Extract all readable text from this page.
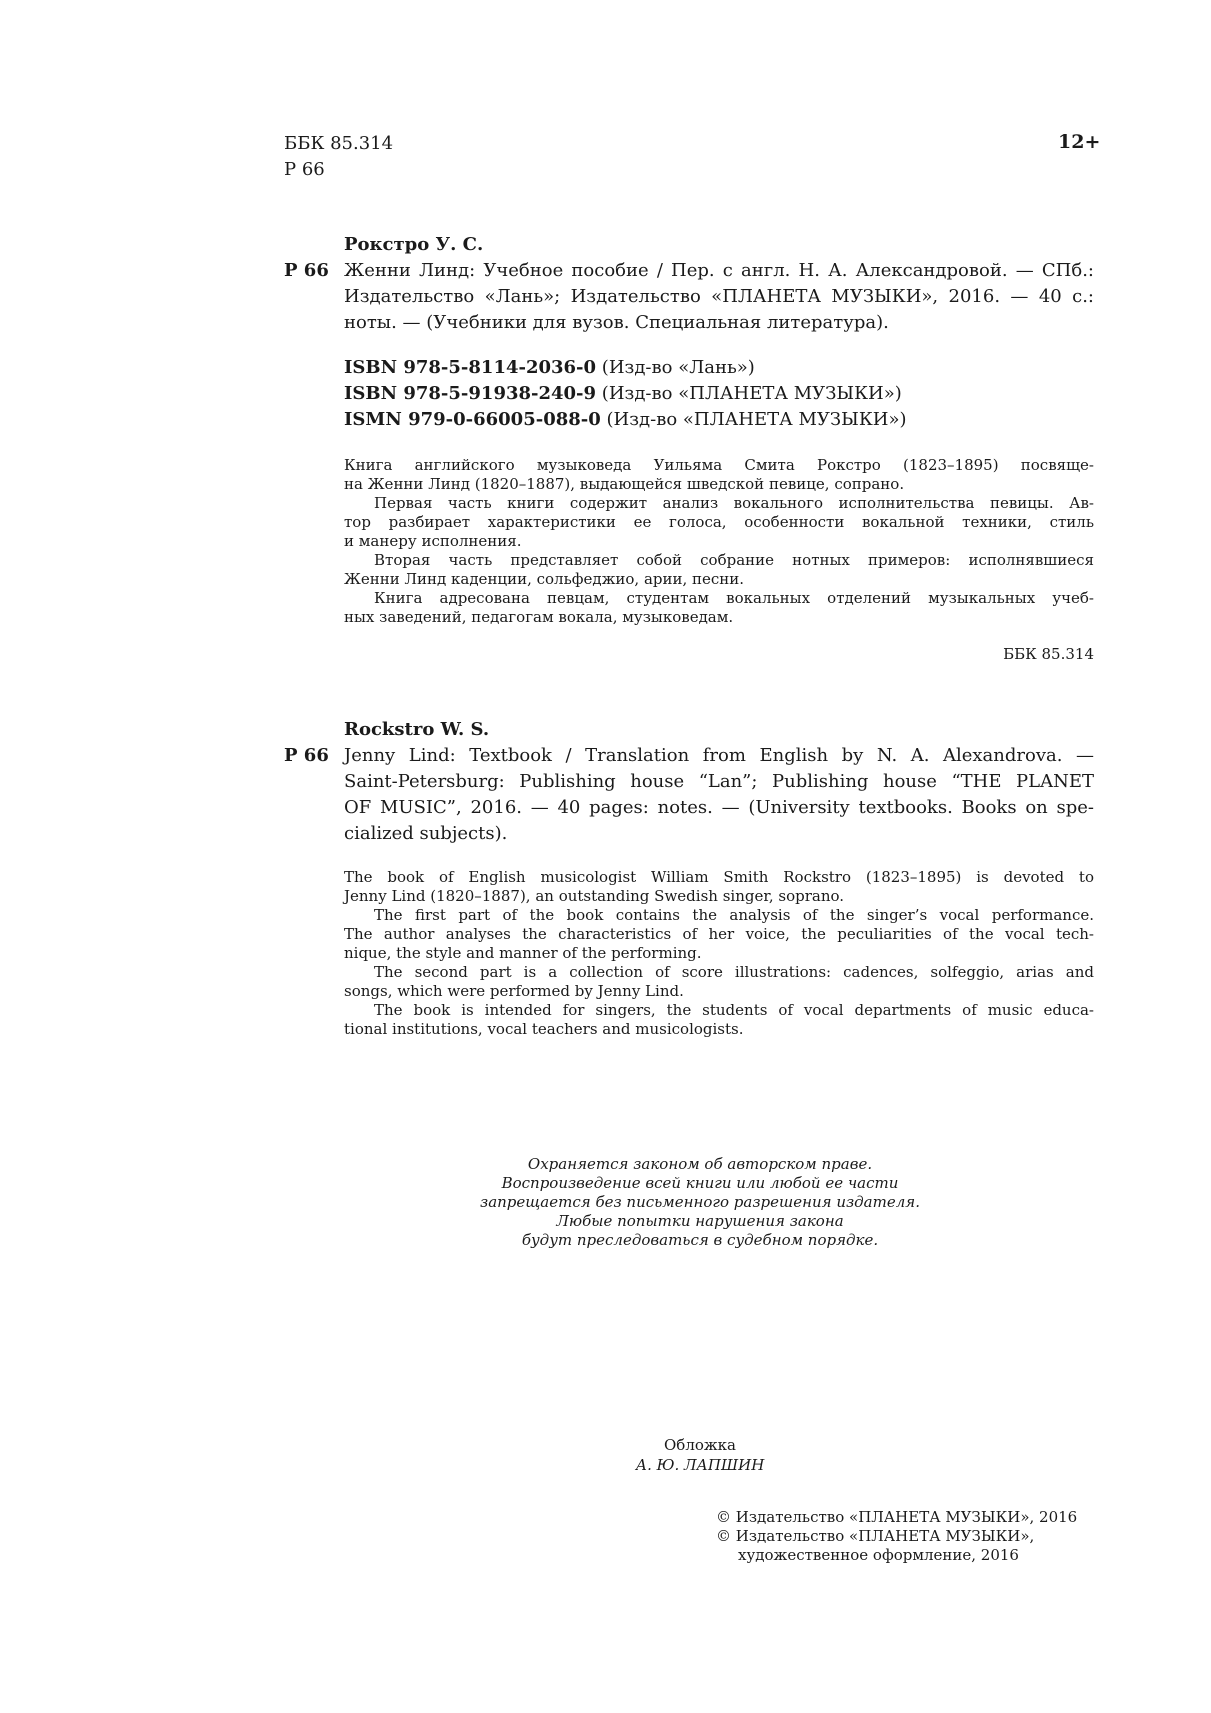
ББК 85.314
Р 66
12+
Рокстро У. С.
Р 66 Женни Линд: Учебное пособие / Пер. с англ. Н. А. Александровой. — СПб.:
Издательство «Лань»; Издательство «ПЛАНЕТА МУЗЫКИ», 2016. — 40 с.:
ноты. — (Учебники для вузов. Специальная литература).
ISBN 978-5-8114-2036-0 (Изд-во «Лань»)
ISBN 978-5-91938-240-9 (Изд-во «ПЛАНЕТА МУЗЫКИ»)
ISMN 979-0-66005-088-0 (Изд-во «ПЛАНЕТА МУЗЫКИ»)
Книга английского музыковеда Уильяма Смита Рокстро (1823–1895) посвяще-
на Женни Линд (1820–1887), выдающейся шведской певице, сопрано.
Первая часть книги содержит анализ вокального исполнительства певицы. Ав-
тор разбирает характеристики ее голоса, особенности вокальной техники, стиль
и манеру исполнения.
Вторая часть представляет собой собрание нотных примеров: исполнявшиеся
Женни Линд каденции, сольфеджио, арии, песни.
Книга адресована певцам, студентам вокальных отделений музыкальных учеб-
ных заведений, педагогам вокала, музыковедам.
ББК 85.314
Rockstro W. S.
P 66 Jenny Lind: Textbook / Translation from English by N. A. Alexandrova. —
Saint-Petersburg: Publishing house “Lan”; Publishing house “THE PLANET
OF MUSIC”, 2016. — 40 pages: notes. — (University textbooks. Books on spe-
cialized subjects).
The book of English musicologist William Smith Rockstro (1823–1895) is devoted to
Jenny Lind (1820–1887), an outstanding Swedish singer, soprano.
The first part of the book contains the analysis of the singer’s vocal performance.
The author analyses the characteristics of her voice, the peculiarities of the vocal tech-
nique, the style and manner of the performing.
The second part is a collection of score illustrations: cadences, solfeggio, arias and
songs, which were performed by Jenny Lind.
The book is intended for singers, the students of vocal departments of music educa-
tional institutions, vocal teachers and musicologists.
Охраняется законом об авторском праве.
Воспроизведение всей книги или любой ее части
запрещается без письменного разрешения издателя.
Любые попытки нарушения закона
будут преследоваться в судебном порядке.
Обложка
А. Ю. ЛАПШИН
© Издательство «ПЛАНЕТА МУЗЫКИ», 2016
© Издательство «ПЛАНЕТА МУЗЫКИ»,
художественное оформление, 2016
